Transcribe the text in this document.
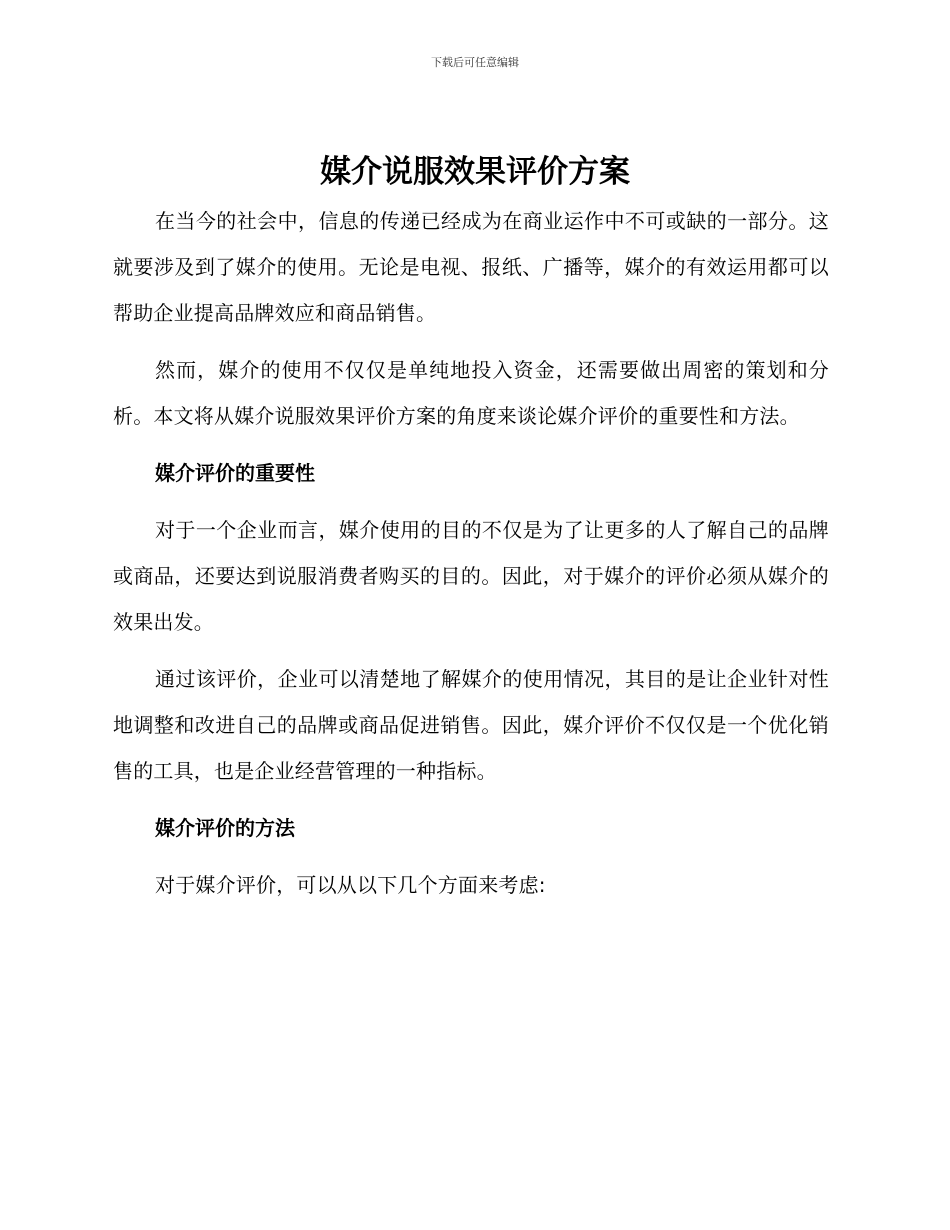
下载后可任意编辑
媒介说服效果评价方案

在当今的社会中，信息的传递已经成为在商业运作中不可或缺的一部分。这就要涉及到了媒介的使用。无论是电视、报纸、广播等，媒介的有效运用都可以帮助企业提高品牌效应和商品销售。

然而，媒介的使用不仅仅是单纯地投入资金，还需要做出周密的策划和分析。本文将从媒介说服效果评价方案的角度来谈论媒介评价的重要性和方法。

媒介评价的重要性

对于一个企业而言，媒介使用的目的不仅是为了让更多的人了解自己的品牌或商品，还要达到说服消费者购买的目的。因此，对于媒介的评价必须从媒介的效果出发。

通过该评价，企业可以清楚地了解媒介的使用情况，其目的是让企业针对性地调整和改进自己的品牌或商品促进销售。因此，媒介评价不仅仅是一个优化销售的工具，也是企业经营管理的一种指标。

媒介评价的方法

对于媒介评价，可以从以下几个方面来考虑:
